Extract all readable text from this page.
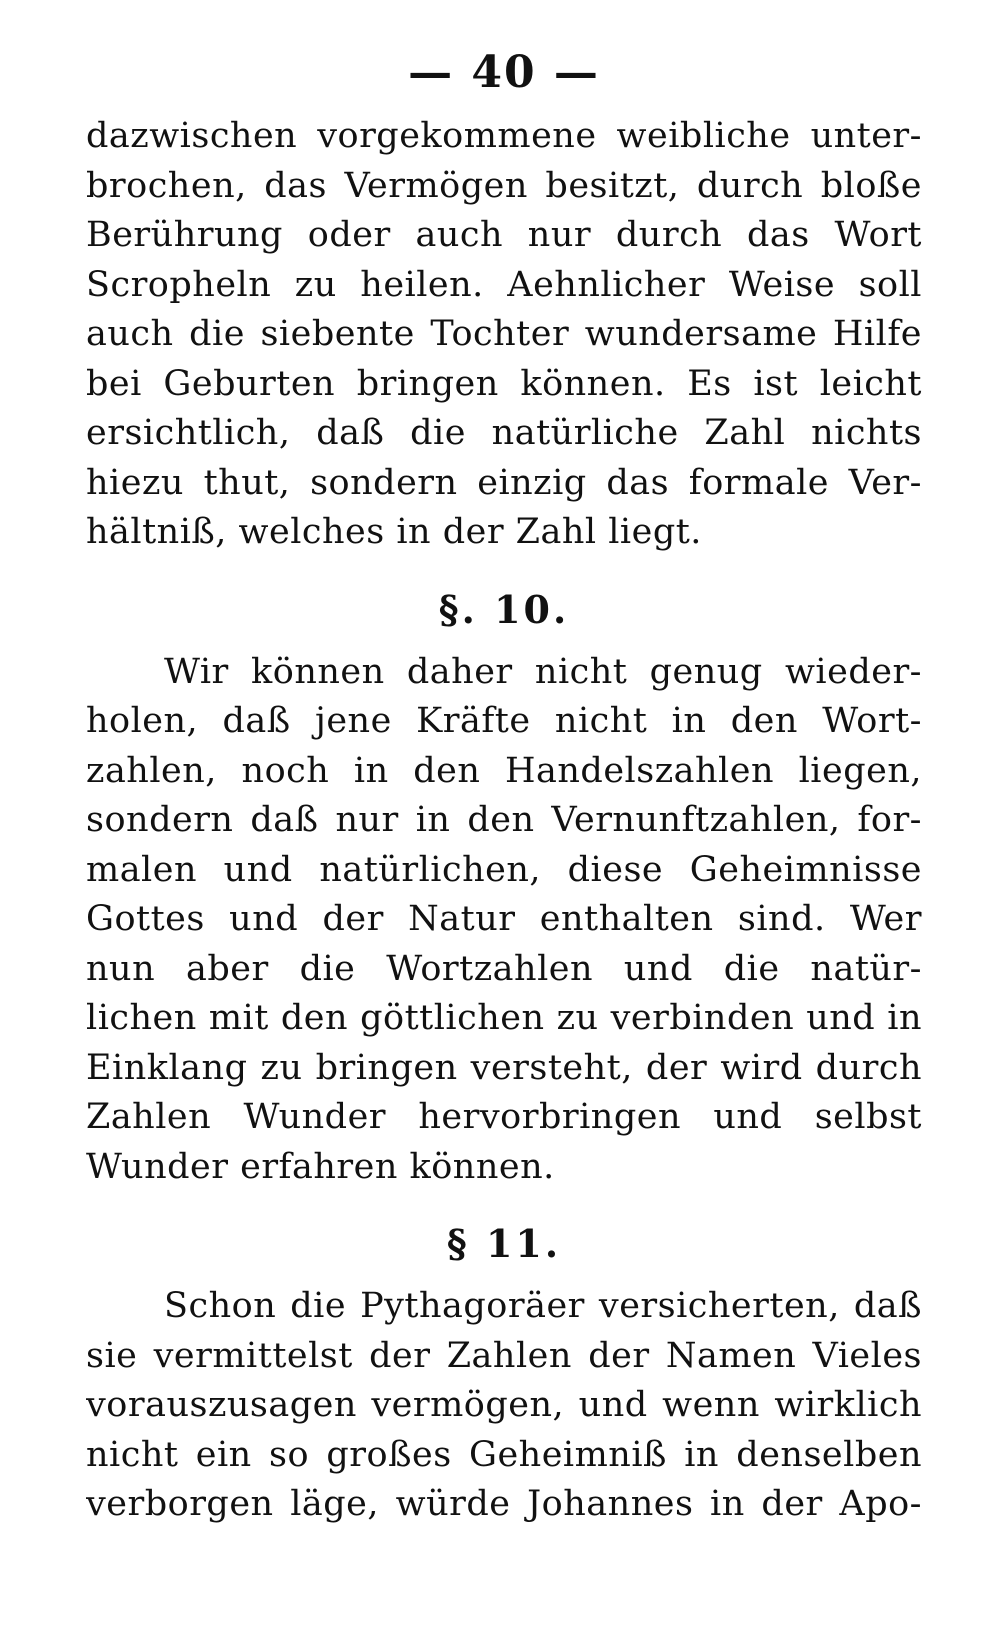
— 40 —
dazwischen vorgekommene weibliche unter-
brochen, das Vermögen besitzt, durch bloße
Berührung oder auch nur durch das Wort
Scropheln zu heilen. Aehnlicher Weise soll
auch die siebente Tochter wundersame Hilfe
bei Geburten bringen können. Es ist leicht
ersichtlich, daß die natürliche Zahl nichts
hiezu thut, sondern einzig das formale Ver-
hältniß, welches in der Zahl liegt.
§. 10.
Wir können daher nicht genug wieder-
holen, daß jene Kräfte nicht in den Wort-
zahlen, noch in den Handelszahlen liegen,
sondern daß nur in den Vernunftzahlen, for-
malen und natürlichen, diese Geheimnisse
Gottes und der Natur enthalten sind. Wer
nun aber die Wortzahlen und die natür-
lichen mit den göttlichen zu verbinden und in
Einklang zu bringen versteht, der wird durch
Zahlen Wunder hervorbringen und selbst
Wunder erfahren können.
§ 11.
Schon die Pythagoräer versicherten, daß
sie vermittelst der Zahlen der Namen Vieles
vorauszusagen vermögen, und wenn wirklich
nicht ein so großes Geheimniß in denselben
verborgen läge, würde Johannes in der Apo-
